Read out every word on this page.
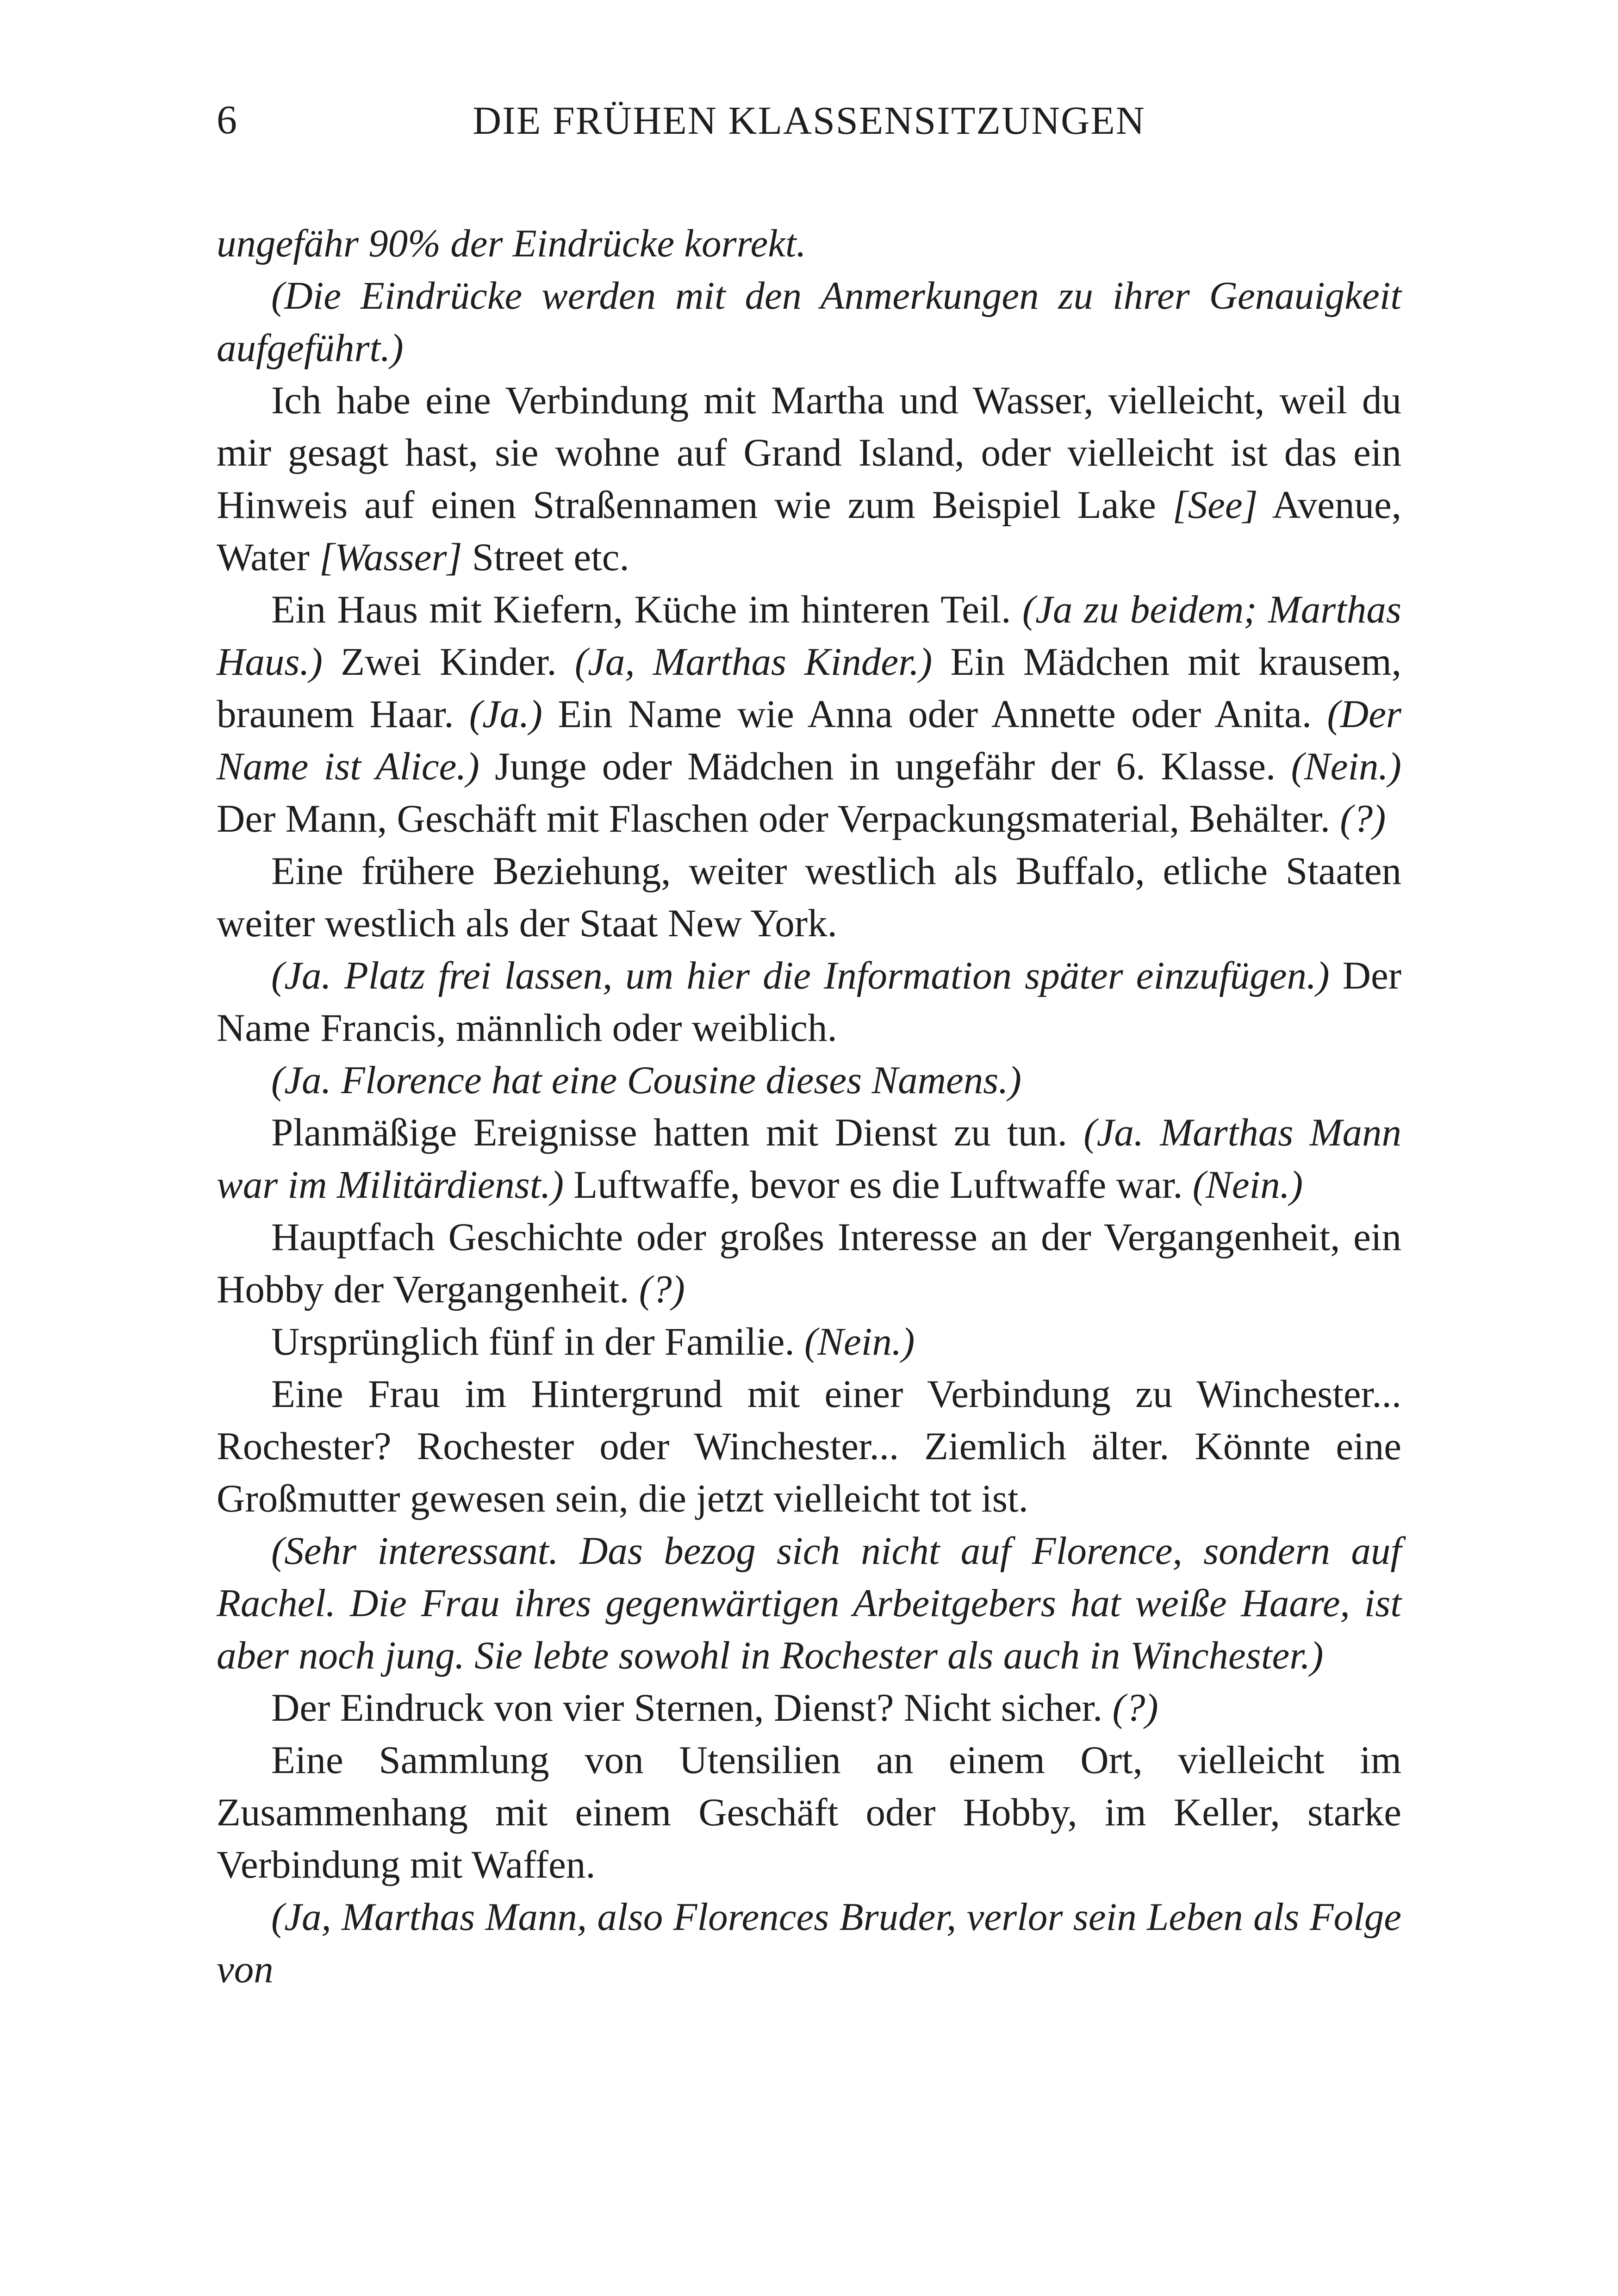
6	DIE FRÜHEN KLASSENSITZUNGEN

ungefähr 90% der Eindrücke korrekt.

(Die Eindrücke werden mit den Anmerkungen zu ihrer Genauigkeit aufgeführt.)

Ich habe eine Verbindung mit Martha und Wasser, vielleicht, weil du mir gesagt hast, sie wohne auf Grand Island, oder vielleicht ist das ein Hinweis auf einen Straßennamen wie zum Beispiel Lake [See] Avenue, Water [Wasser] Street etc.

Ein Haus mit Kiefern, Küche im hinteren Teil. (Ja zu beidem; Marthas Haus.) Zwei Kinder. (Ja, Marthas Kinder.) Ein Mädchen mit krausem, braunem Haar. (Ja.) Ein Name wie Anna oder Annette oder Anita. (Der Name ist Alice.) Junge oder Mädchen in ungefähr der 6. Klasse. (Nein.) Der Mann, Geschäft mit Flaschen oder Verpackungsmaterial, Behälter. (?)

Eine frühere Beziehung, weiter westlich als Buffalo, etliche Staaten weiter westlich als der Staat New York.

(Ja. Platz frei lassen, um hier die Information später einzufügen.) Der Name Francis, männlich oder weiblich.

(Ja. Florence hat eine Cousine dieses Namens.)

Planmäßige Ereignisse hatten mit Dienst zu tun. (Ja. Marthas Mann war im Militärdienst.) Luftwaffe, bevor es die Luftwaffe war. (Nein.)

Hauptfach Geschichte oder großes Interesse an der Vergangenheit, ein Hobby der Vergangenheit. (?)

Ursprünglich fünf in der Familie. (Nein.)

Eine Frau im Hintergrund mit einer Verbindung zu Winchester... Rochester? Rochester oder Winchester... Ziemlich älter. Könnte eine Großmutter gewesen sein, die jetzt vielleicht tot ist.

(Sehr interessant. Das bezog sich nicht auf Florence, sondern auf Rachel. Die Frau ihres gegenwärtigen Arbeitgebers hat weiße Haare, ist aber noch jung. Sie lebte sowohl in Rochester als auch in Winchester.)

Der Eindruck von vier Sternen, Dienst? Nicht sicher. (?)

Eine Sammlung von Utensilien an einem Ort, vielleicht im Zusammenhang mit einem Geschäft oder Hobby, im Keller, starke Verbindung mit Waffen.

(Ja, Marthas Mann, also Florences Bruder, verlor sein Leben als Folge von
